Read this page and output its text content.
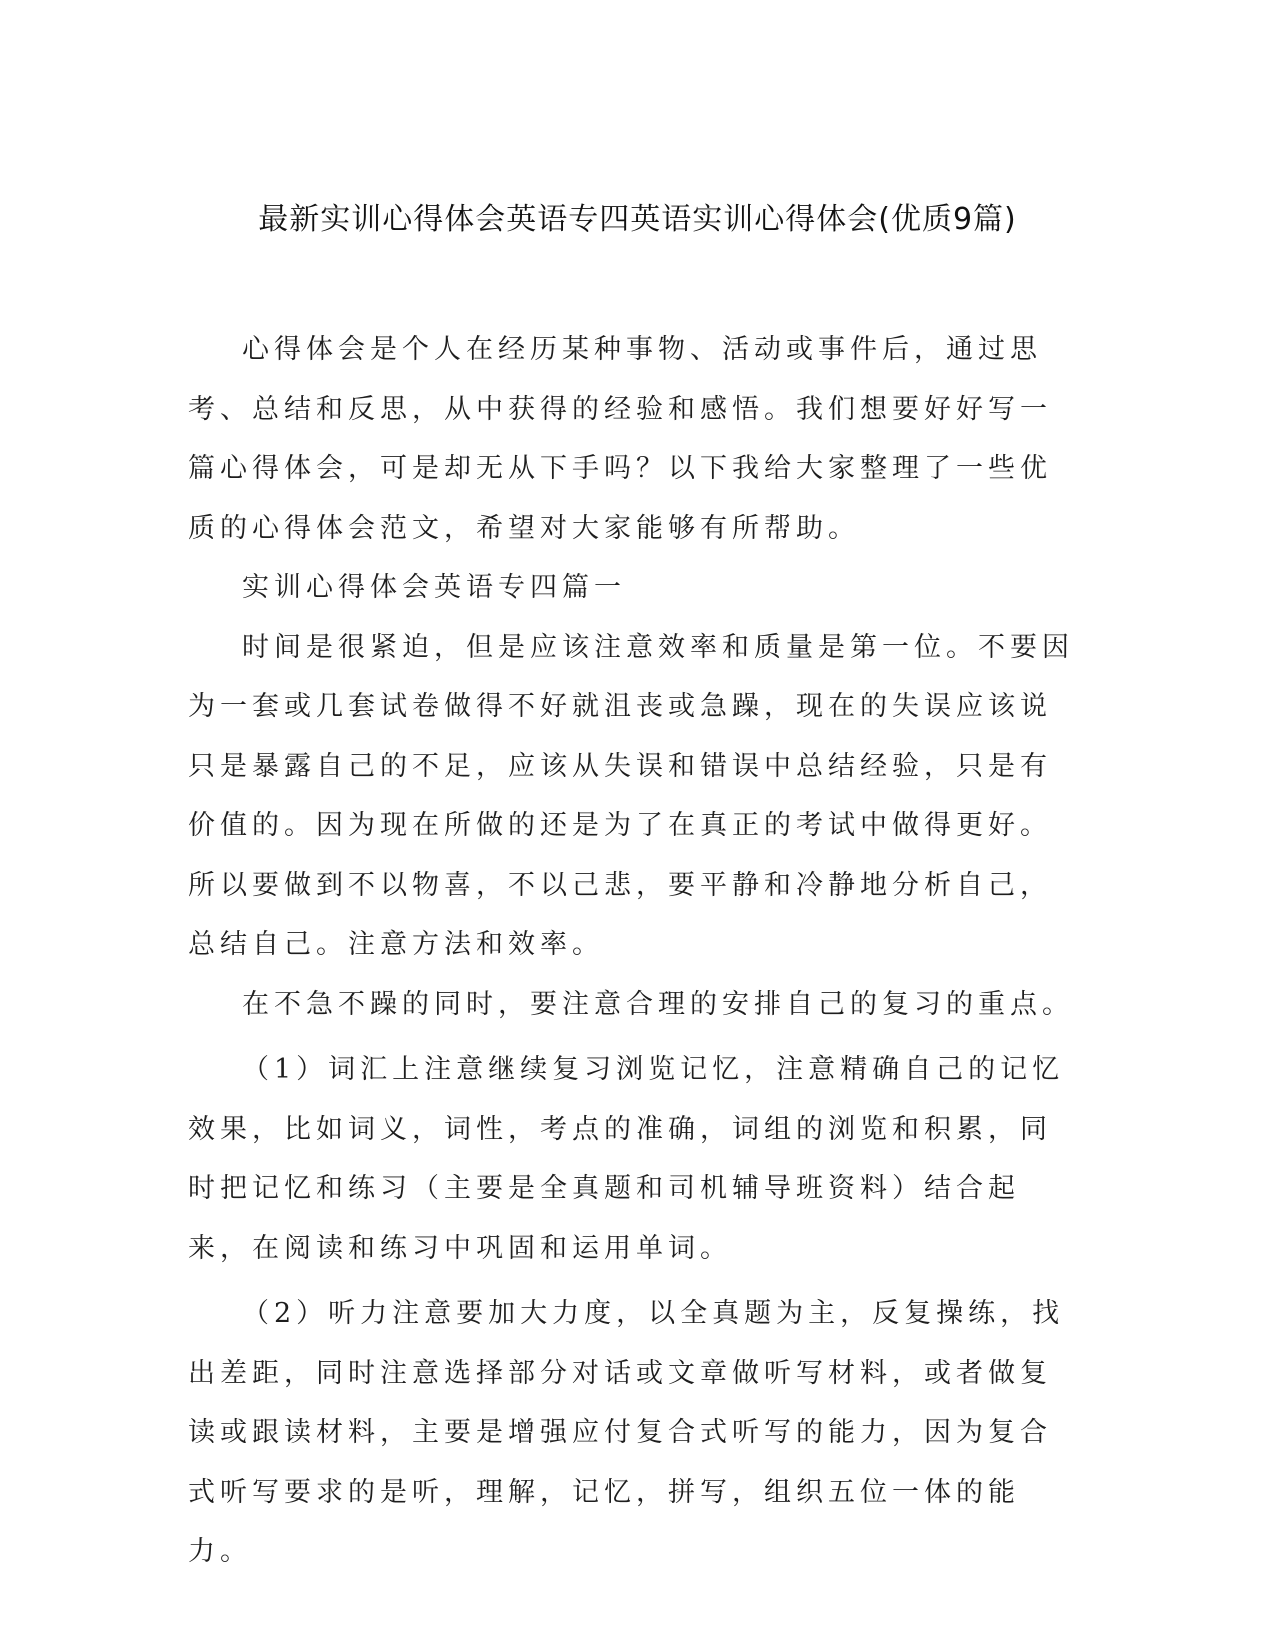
最新实训心得体会英语专四英语实训心得体会(优质9篇)

心得体会是个人在经历某种事物、活动或事件后，通过思考、总结和反思，从中获得的经验和感悟。我们想要好好写一篇心得体会，可是却无从下手吗？以下我给大家整理了一些优质的心得体会范文，希望对大家能够有所帮助。

实训心得体会英语专四篇一

时间是很紧迫，但是应该注意效率和质量是第一位。不要因为一套或几套试卷做得不好就沮丧或急躁，现在的失误应该说只是暴露自己的不足，应该从失误和错误中总结经验，只是有价值的。因为现在所做的还是为了在真正的考试中做得更好。所以要做到不以物喜，不以己悲，要平静和冷静地分析自己，总结自己。注意方法和效率。

在不急不躁的同时，要注意合理的安排自己的复习的重点。

（1）词汇上注意继续复习浏览记忆，注意精确自己的记忆效果，比如词义，词性，考点的准确，词组的浏览和积累，同时把记忆和练习（主要是全真题和司机辅导班资料）结合起来，在阅读和练习中巩固和运用单词。

（2）听力注意要加大力度，以全真题为主，反复操练，找出差距，同时注意选择部分对话或文章做听写材料，或者做复读或跟读材料，主要是增强应付复合式听写的能力，因为复合式听写要求的是听，理解，记忆，拼写，组织五位一体的能力。
